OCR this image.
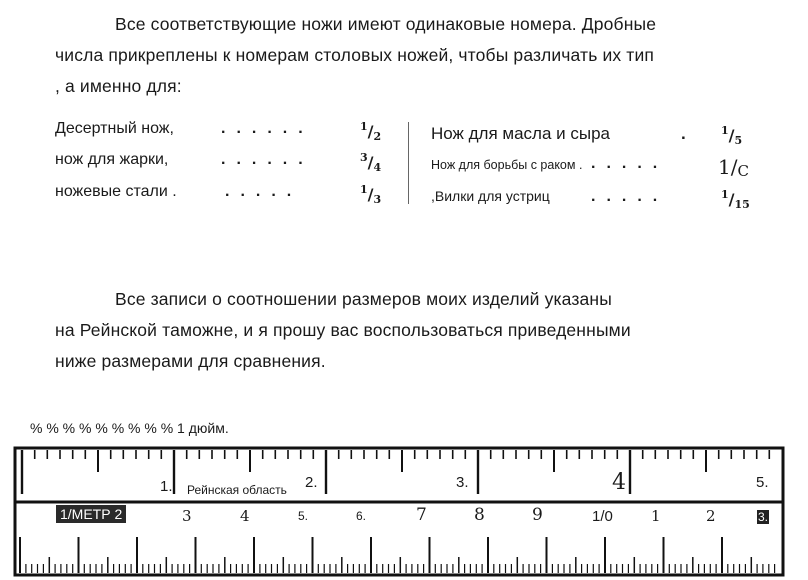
Все соответствующие ножи имеют одинаковые номера. Дробные
числа прикреплены к номерам столовых ножей, чтобы различать их тип
, а именно для:
Десертный нож,	......	$^1/_2$
нож для жарки,	......	$^3/_4$
ножевые стали .	.....	$^1/_3$
Нож для масла и сыра	. $^1/_5$
Нож для борьбы с раком . ..... $1/_C$
,Вилки для устриц	.....	$^1/_{15}$
Все записи о соотношении размеров моих изделий указаны
на Рейнской таможне, и я прошу вас воспользоваться приведенными
ниже размерами для сравнения.
% % % % % % % % % 1 дюйм.
1. Рейнская область 2.	3.	4	5.
1/МЕТР 2	3	4	5.	6.	7	8	9	1/0	1	2	3.
